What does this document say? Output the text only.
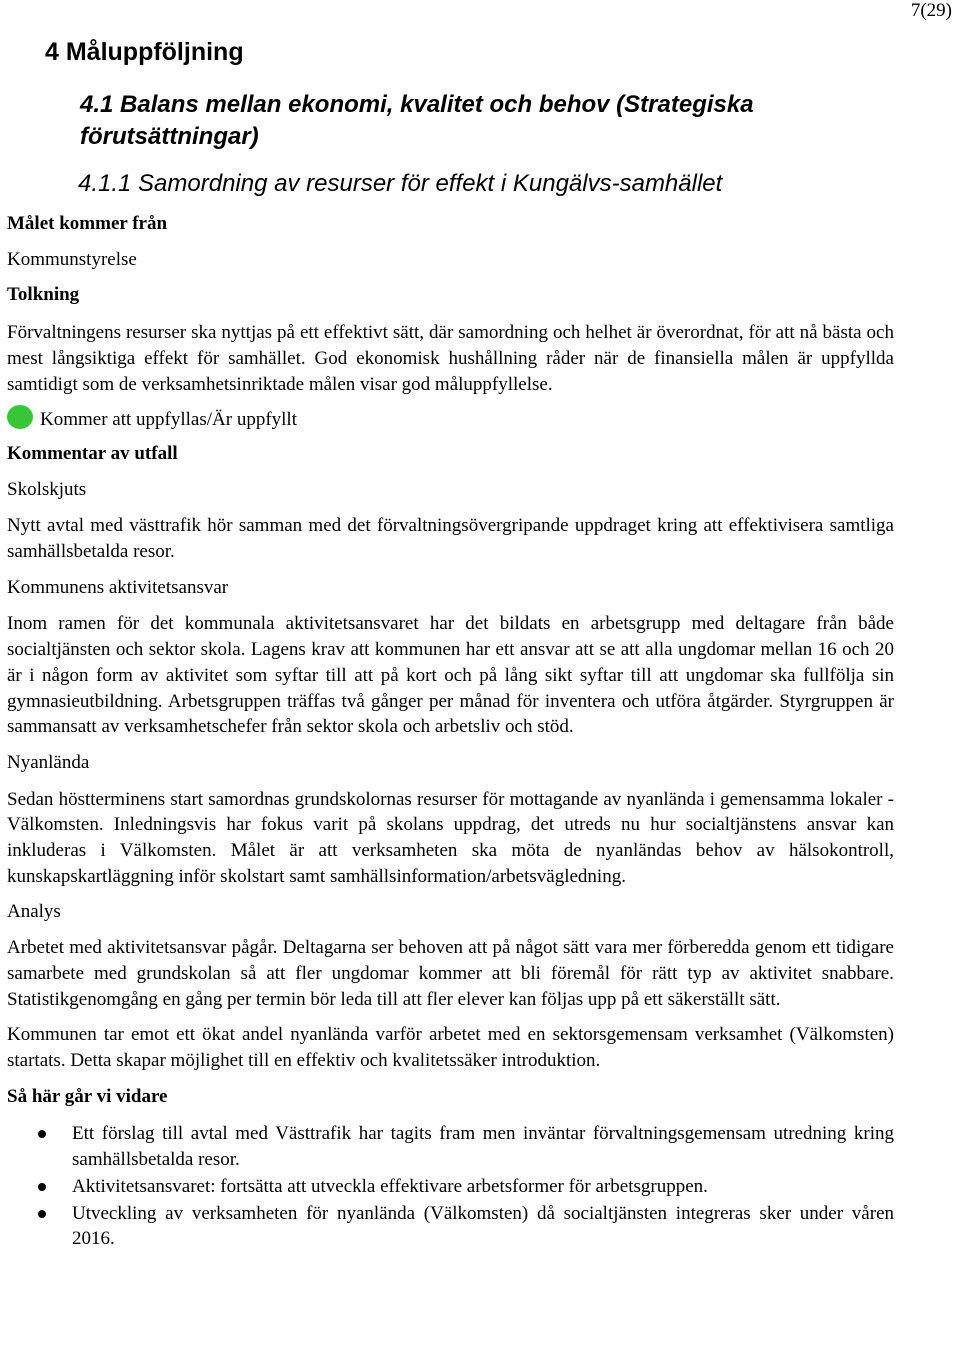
7(29)
4 Måluppföljning
4.1 Balans mellan ekonomi, kvalitet och behov (Strategiska förutsättningar)
4.1.1 Samordning av resurser för effekt i Kungälvs-samhället

Målet kommer från

Kommunstyrelse

Tolkning

Förvaltningens resurser ska nyttjas på ett effektivt sätt, där samordning och helhet är överordnat, för att nå bästa och mest långsiktiga effekt för samhället. God ekonomisk hushållning råder när de finansiella målen är uppfyllda samtidigt som de verksamhetsinriktade målen visar god måluppfyllelse.

Kommer att uppfyllas/Är uppfyllt

Kommentar av utfall

Skolskjuts

Nytt avtal med västtrafik hör samman med det förvaltningsövergripande uppdraget kring att effektivisera samtliga samhällsbetalda resor.

Kommunens aktivitetsansvar

Inom ramen för det kommunala aktivitetsansvaret har det bildats en arbetsgrupp med deltagare från både socialtjänsten och sektor skola. Lagens krav att kommunen har ett ansvar att se att alla ungdomar mellan 16 och 20 är i någon form av aktivitet som syftar till att på kort och på lång sikt syftar till att ungdomar ska fullfölja sin gymnasieutbildning. Arbetsgruppen träffas två gånger per månad för inventera och utföra åtgärder. Styrgruppen är sammansatt av verksamhetschefer från sektor skola och arbetsliv och stöd.

Nyanlända

Sedan höstterminens start samordnas grundskolornas resurser för mottagande av nyanlända i gemensamma lokaler - Välkomsten. Inledningsvis har fokus varit på skolans uppdrag, det utreds nu hur socialtjänstens ansvar kan inkluderas i Välkomsten. Målet är att verksamheten ska möta de nyanländas behov av hälsokontroll, kunskapskartläggning inför skolstart samt samhällsinformation/arbetsvägledning.

Analys

Arbetet med aktivitetsansvar pågår. Deltagarna ser behoven att på något sätt vara mer förberedda genom ett tidigare samarbete med grundskolan så att fler ungdomar kommer att bli föremål för rätt typ av aktivitet snabbare. Statistikgenomgång en gång per termin bör leda till att fler elever kan följas upp på ett säkerställt sätt.

Kommunen tar emot ett ökat andel nyanlända varför arbetet med en sektorsgemensam verksamhet (Välkomsten) startats. Detta skapar möjlighet till en effektiv och kvalitetssäker introduktion.

Så här går vi vidare

Ett förslag till avtal med Västtrafik har tagits fram men inväntar förvaltningsgemensam utredning kring samhällsbetalda resor.
Aktivitetsansvaret: fortsätta att utveckla effektivare arbetsformer för arbetsgruppen.
Utveckling av verksamheten för nyanlända (Välkomsten) då socialtjänsten integreras sker under våren 2016.
